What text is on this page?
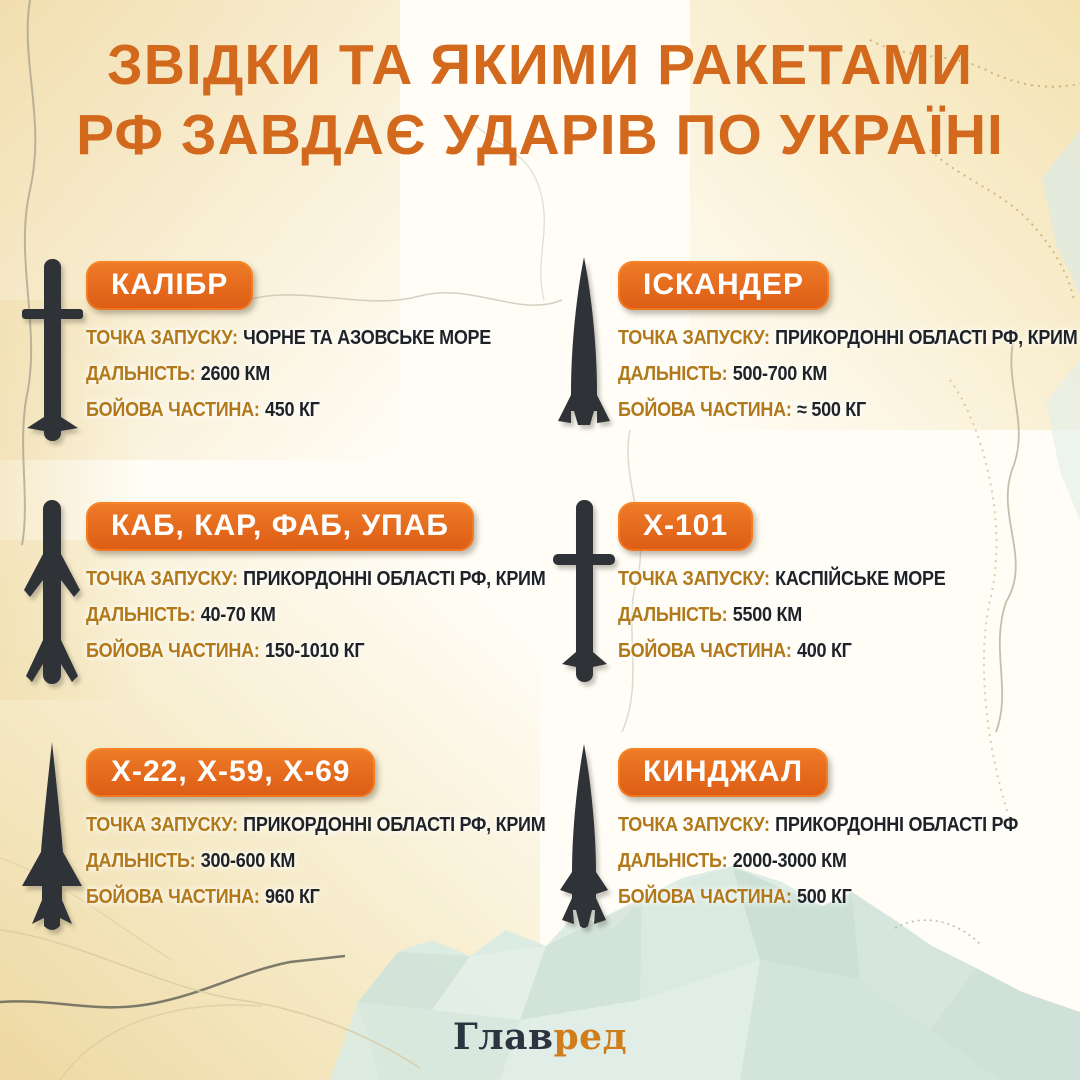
ЗВІДКИ ТА ЯКИМИ РАКЕТАМИ
РФ ЗАВДАЄ УДАРІВ ПО УКРАЇНІ
КАЛІБР
ТОЧКА ЗАПУСКУ: ЧОРНЕ ТА АЗОВСЬКЕ МОРЕ
ДАЛЬНІСТЬ: 2600 КМ
БОЙОВА ЧАСТИНА: 450 КГ
ІСКАНДЕР
ТОЧКА ЗАПУСКУ: ПРИКОРДОННІ ОБЛАСТІ РФ, КРИМ
ДАЛЬНІСТЬ: 500-700 КМ
БОЙОВА ЧАСТИНА: ≈ 500 КГ
КАБ, КАР, ФАБ, УПАБ
ТОЧКА ЗАПУСКУ: ПРИКОРДОННІ ОБЛАСТІ РФ, КРИМ
ДАЛЬНІСТЬ: 40-70 КМ
БОЙОВА ЧАСТИНА: 150-1010 КГ
Х-101
ТОЧКА ЗАПУСКУ: КАСПІЙСЬКЕ МОРЕ
ДАЛЬНІСТЬ: 5500 КМ
БОЙОВА ЧАСТИНА: 400 КГ
Х-22, Х-59, Х-69
ТОЧКА ЗАПУСКУ: ПРИКОРДОННІ ОБЛАСТІ РФ, КРИМ
ДАЛЬНІСТЬ: 300-600 КМ
БОЙОВА ЧАСТИНА: 960 КГ
КИНДЖАЛ
ТОЧКА ЗАПУСКУ: ПРИКОРДОННІ ОБЛАСТІ РФ
ДАЛЬНІСТЬ: 2000-3000 КМ
БОЙОВА ЧАСТИНА: 500 КГ
Главред
